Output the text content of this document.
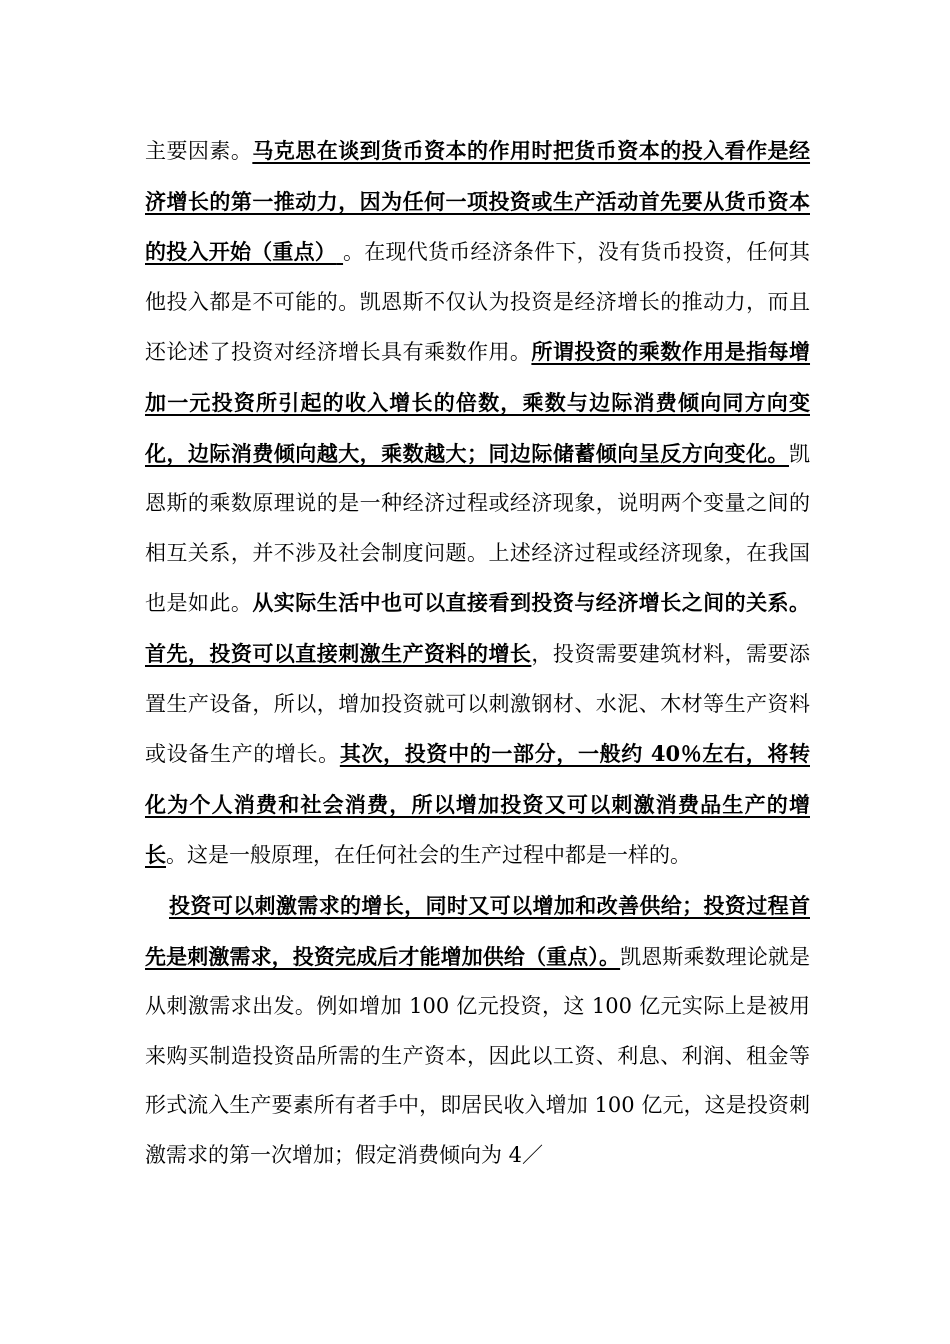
主要因素。马克思在谈到货币资本的作用时把货币资本的投入看作是经济增长的第一推动力，因为任何一项投资或生产活动首先要从货币资本的投入开始（重点） 。在现代货币经济条件下，没有货币投资，任何其他投入都是不可能的。凯恩斯不仅认为投资是经济增长的推动力，而且还论述了投资对经济增长具有乘数作用。所谓投资的乘数作用是指每增加一元投资所引起的收入增长的倍数，乘数与边际消费倾向同方向变化，边际消费倾向越大，乘数越大；同边际储蓄倾向呈反方向变化。凯恩斯的乘数原理说的是一种经济过程或经济现象，说明两个变量之间的相互关系，并不涉及社会制度问题。上述经济过程或经济现象，在我国也是如此。从实际生活中也可以直接看到投资与经济增长之间的关系。首先，投资可以直接刺激生产资料的增长，投资需要建筑材料，需要添置生产设备，所以，增加投资就可以刺激钢材、水泥、木材等生产资料或设备生产的增长。其次，投资中的一部分，一般约 40％左右，将转化为个人消费和社会消费，所以增加投资又可以刺激消费品生产的增长。这是一般原理，在任何社会的生产过程中都是一样的。

投资可以刺激需求的增长，同时又可以增加和改善供给；投资过程首先是刺激需求，投资完成后才能增加供给（重点）。凯恩斯乘数理论就是从刺激需求出发。例如增加 100 亿元投资，这 100 亿元实际上是被用来购买制造投资品所需的生产资本，因此以工资、利息、利润、租金等形式流入生产要素所有者手中，即居民收入增加 100 亿元，这是投资刺激需求的第一次增加；假定消费倾向为 4／
